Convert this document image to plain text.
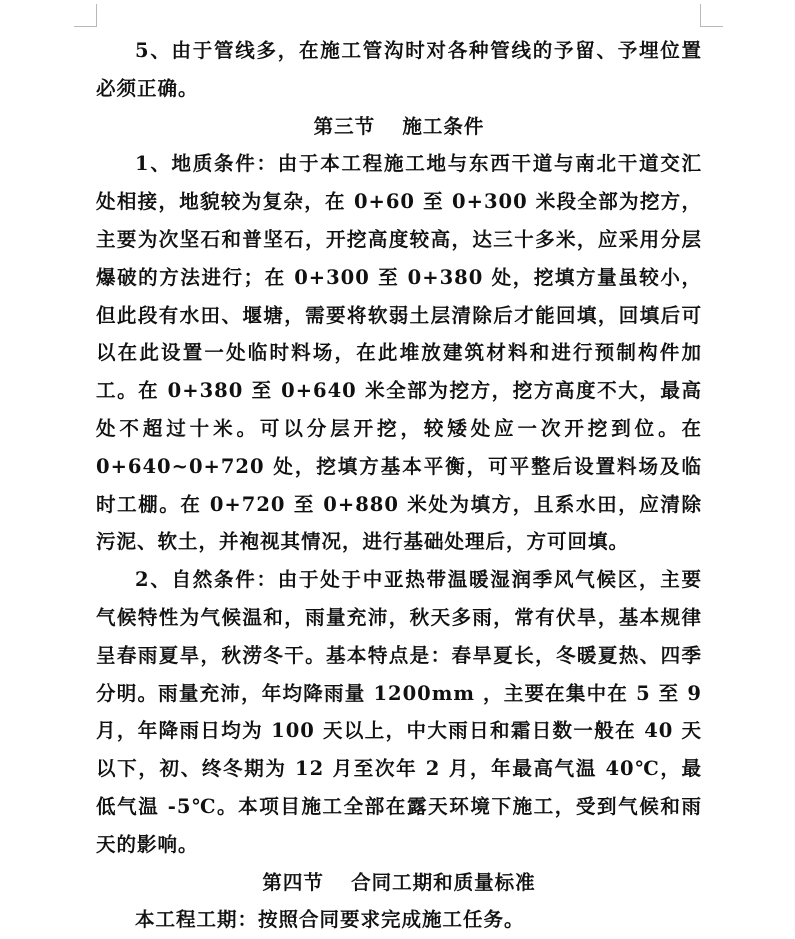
5、由于管线多，在施工管沟时对各种管线的予留、予埋位置必须正确。

第三节 施工条件

1、地质条件：由于本工程施工地与东西干道与南北干道交汇处相接，地貌较为复杂，在 0+60 至 0+300 米段全部为挖方，主要为次坚石和普坚石，开挖高度较高，达三十多米，应采用分层爆破的方法进行；在 0+300 至 0+380 处，挖填方量虽较小，但此段有水田、堰塘，需要将软弱土层清除后才能回填，回填后可以在此设置一处临时料场，在此堆放建筑材料和进行预制构件加工。在 0+380 至 0+640 米全部为挖方，挖方高度不大，最高处不超过十米。可以分层开挖，较矮处应一次开挖到位。在 0+640~0+720 处，挖填方基本平衡，可平整后设置料场及临时工棚。在 0+720 至 0+880 米处为填方，且系水田，应清除污泥、软土，并袍视其情况，进行基础处理后，方可回填。

2、自然条件：由于处于中亚热带温暖湿润季风气候区，主要气候特性为气候温和，雨量充沛，秋天多雨，常有伏旱，基本规律呈春雨夏旱，秋涝冬干。基本特点是：春旱夏长，冬暖夏热、四季分明。雨量充沛，年均降雨量 1200mm ，主要在集中在 5 至 9 月，年降雨日均为 100 天以上，中大雨日和霜日数一般在 40 天以下，初、终冬期为 12 月至次年 2 月，年最高气温 40℃，最低气温 -5℃。本项目施工全部在露天环境下施工，受到气候和雨天的影响。

第四节 合同工期和质量标准

本工程工期：按照合同要求完成施工任务。
